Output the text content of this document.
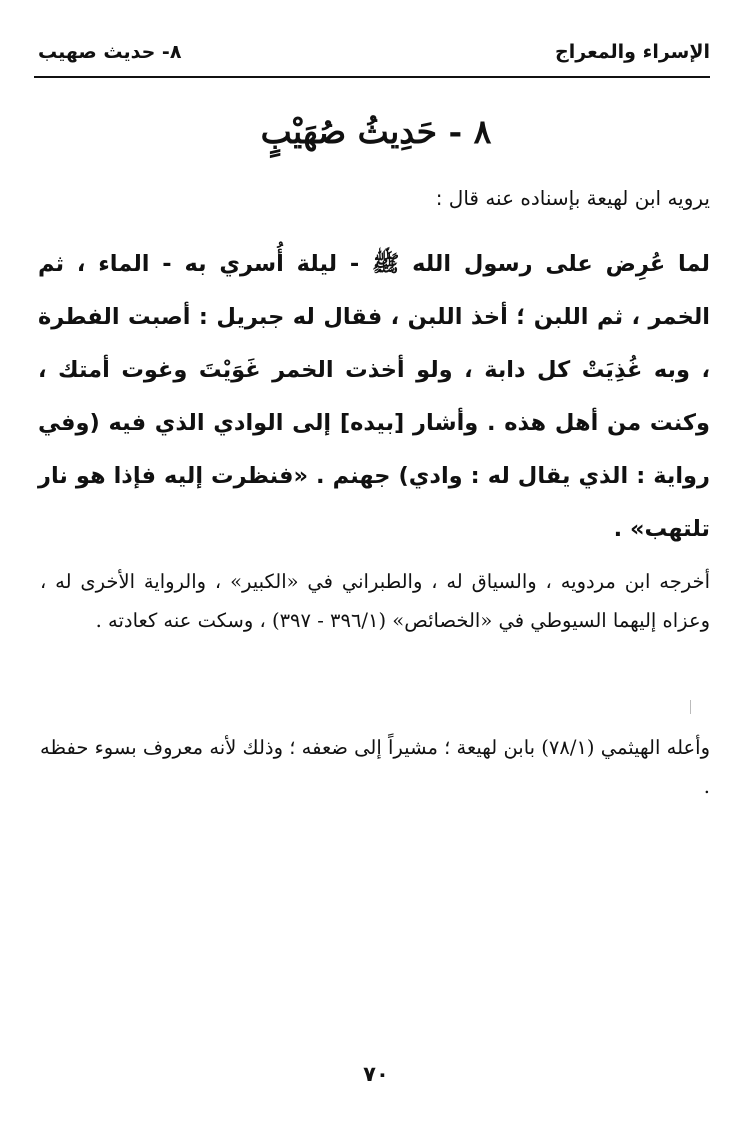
الإسراء والمعراج
٨- حديث صهيب
٨ - حَدِيثُ صُهَيْبٍ
يرويه ابن لهيعة بإسناده عنه قال :

لما عُرِض على رسول الله ﷺ - ليلة أُسري به - الماء ، ثم الخمر ، ثم اللبن ؛ أخذ اللبن ، فقال له جبريل : أصبت الفطرة ، وبه غُذِيَتْ كل دابة ، ولو أخذت الخمر غَوَيْتَ وغوت أمتك ، وكنت من أهل هذه . وأشار [بيده] إلى الوادي الذي فيه (وفي رواية : الذي يقال له : وادي) جهنم . «فنظرت إليه فإذا هو نار تلتهب» .

أخرجه ابن مردويه ، والسياق له ، والطبراني في «الكبير» ، والرواية الأخرى له ، وعزاه إليهما السيوطي في «الخصائص» (٣٩٦/١ - ٣٩٧) ، وسكت عنه كعادته .

وأعله الهيثمي (٧٨/١) بابن لهيعة ؛ مشيراً إلى ضعفه ؛ وذلك لأنه معروف بسوء حفظه .

٧٠
